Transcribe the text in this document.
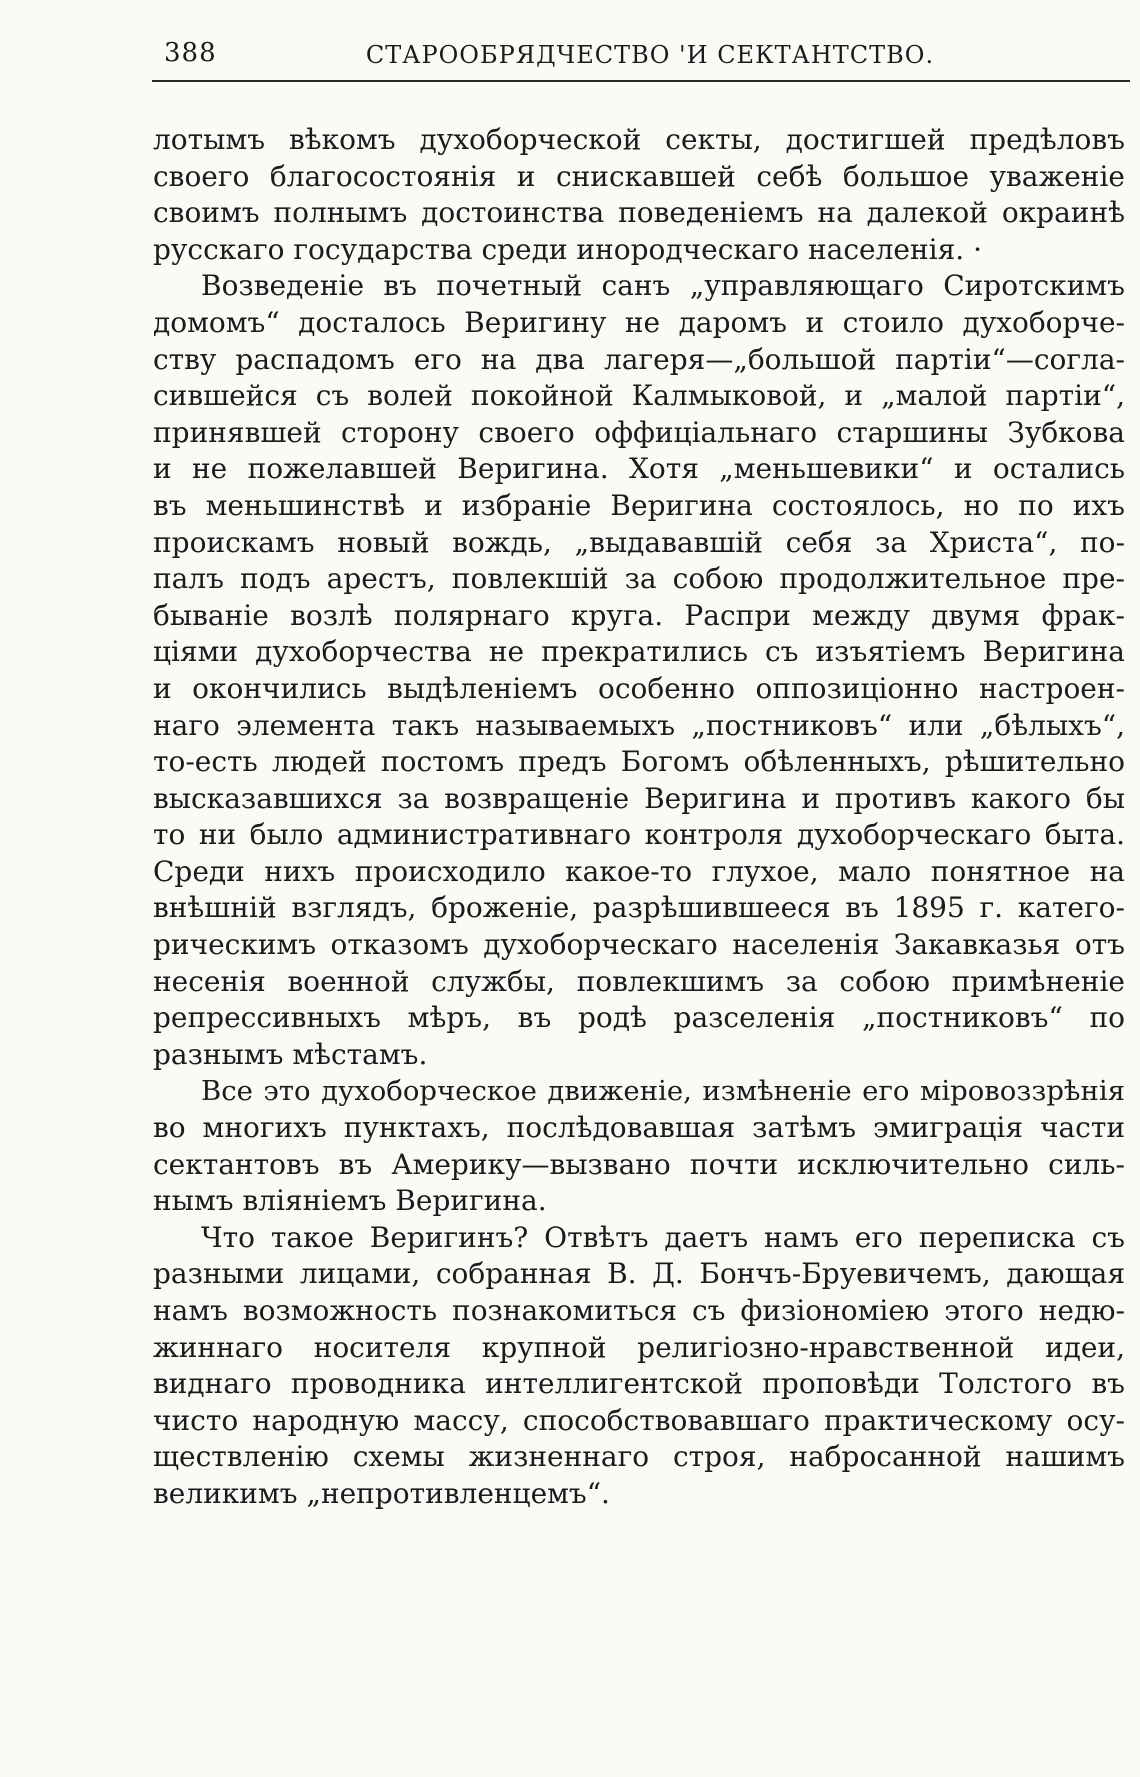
388	СТАРООБРЯДЧЕСТВО 'И СЕКТАНТСТВО.
лотымъ вѣкомъ духоборческой секты, достигшей предѣловъ
своего благосостоянія и снискавшей себѣ большое уваженіе
своимъ полнымъ достоинства поведеніемъ на далекой окраинѣ
русскаго государства среди инородческаго населенія. ·
Возведеніе въ почетный санъ „управляющаго Сиротскимъ
домомъ“ досталось Веригину не даромъ и стоило духоборче-
ству распадомъ его на два лагеря—„большой партіи“—согла-
сившейся съ волей покойной Калмыковой, и „малой партіи“,
принявшей сторону своего оффиціальнаго старшины Зубкова
и не пожелавшей Веригина. Хотя „меньшевики“ и остались
въ меньшинствѣ и избраніе Веригина состоялось, но по ихъ
проискамъ новый вождь, „выдававшій себя за Христа“, по-
палъ подъ арестъ, повлекшій за собою продолжительное пре-
бываніе возлѣ полярнаго круга. Распри между двумя фрак-
ціями духоборчества не прекратились съ изъятіемъ Веригина
и окончились выдѣленіемъ особенно оппозиціонно настроен-
наго элемента такъ называемыхъ „постниковъ“ или „бѣлыхъ“,
то-есть людей постомъ предъ Богомъ обѣленныхъ, рѣшительно
высказавшихся за возвращеніе Веригина и противъ какого бы
то ни было административнаго контроля духоборческаго быта.
Среди нихъ происходило какое-то глухое, мало понятное на
внѣшній взглядъ, броженіе, разрѣшившееся въ 1895 г. катего-
рическимъ отказомъ духоборческаго населенія Закавказья отъ
несенія военной службы, повлекшимъ за собою примѣненіе
репрессивныхъ мѣръ, въ родѣ разселенія „постниковъ“ по
разнымъ мѣстамъ.
Все это духоборческое движеніе, измѣненіе его міровоззрѣнія
во многихъ пунктахъ, послѣдовавшая затѣмъ эмиграція части
сектантовъ въ Америку—вызвано почти исключительно силь-
нымъ вліяніемъ Веригина.
Что такое Веригинъ? Отвѣтъ даетъ намъ его переписка съ
разными лицами, собранная В. Д. Бончъ-Бруевичемъ, дающая
намъ возможность познакомиться съ физіономіею этого недю-
жиннаго носителя крупной религіозно-нравственной идеи,
виднаго проводника интеллигентской проповѣди Толстого въ
чисто народную массу, способствовавшаго практическому осу-
ществленію схемы жизненнаго строя, набросанной нашимъ
великимъ „непротивленцемъ“.
